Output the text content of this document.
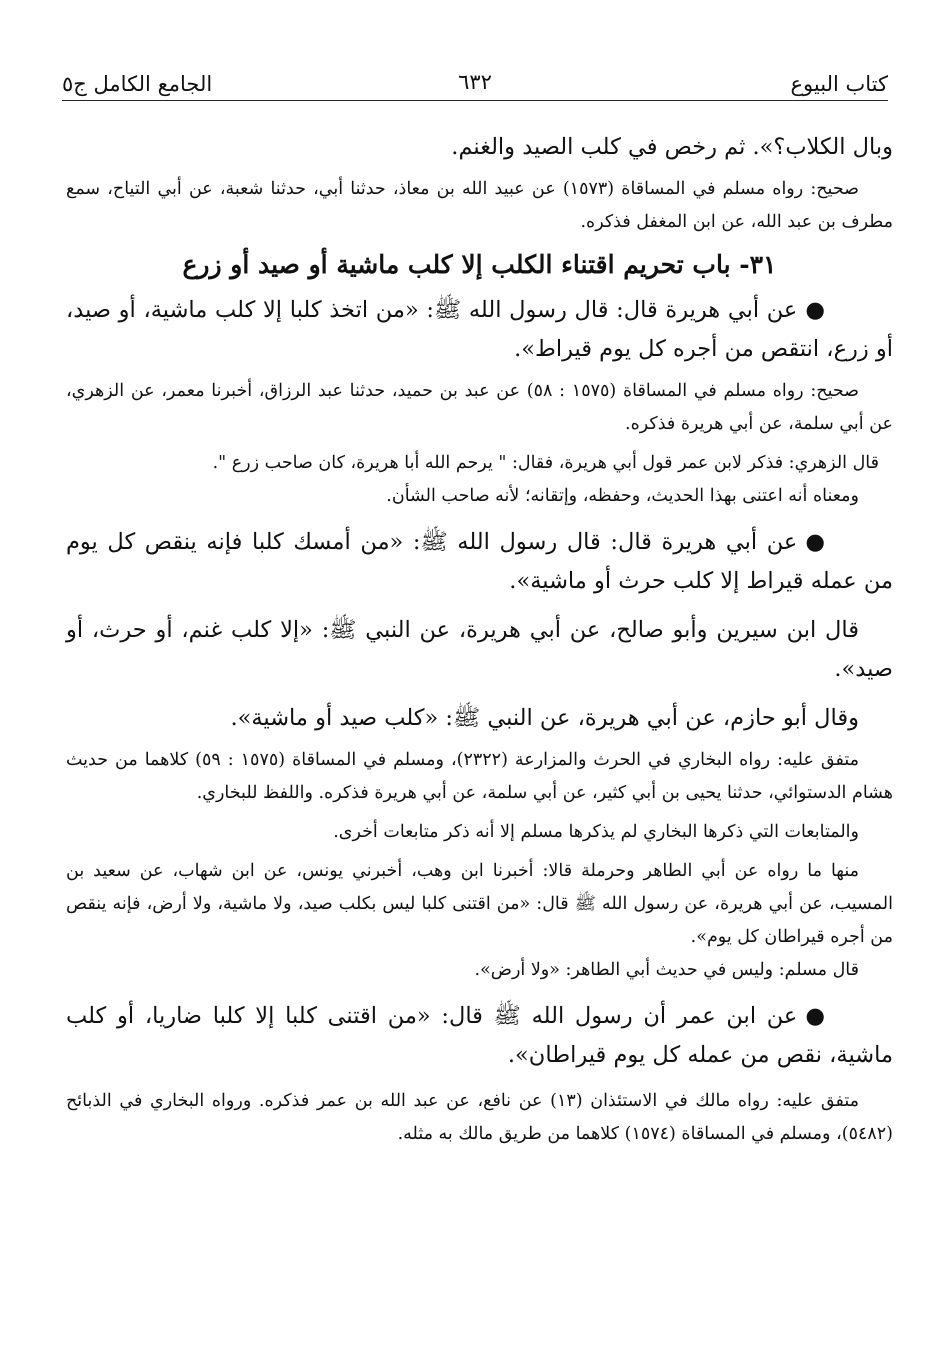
كتاب البيوع
٦٣٢
الجامع الكامل ج٥

وبال الكلاب؟». ثم رخص في كلب الصيد والغنم.

صحيح: رواه مسلم في المساقاة (١٥٧٣) عن عبيد الله بن معاذ، حدثنا أبي، حدثنا شعبة، عن أبي التياح، سمع مطرف بن عبد الله، عن ابن المغفل فذكره.

٣١- باب تحريم اقتناء الكلب إلا كلب ماشية أو صيد أو زرع

●عن أبي هريرة قال: قال رسول الله ﷺ: «من اتخذ كلبا إلا كلب ماشية، أو صيد، أو زرع، انتقص من أجره كل يوم قيراط».

صحيح: رواه مسلم في المساقاة (١٥٧٥ : ٥٨) عن عبد بن حميد، حدثنا عبد الرزاق، أخبرنا معمر، عن الزهري، عن أبي سلمة، عن أبي هريرة فذكره.

قال الزهري: فذكر لابن عمر قول أبي هريرة، فقال: " يرحم الله أبا هريرة، كان صاحب زرع ".

ومعناه أنه اعتنى بهذا الحديث، وحفظه، وإتقانه؛ لأنه صاحب الشأن.

●عن أبي هريرة قال: قال رسول الله ﷺ: «من أمسك كلبا فإنه ينقص كل يوم من عمله قيراط إلا كلب حرث أو ماشية».

قال ابن سيرين وأبو صالح، عن أبي هريرة، عن النبي ﷺ: «إلا كلب غنم، أو حرث، أو صيد».

وقال أبو حازم، عن أبي هريرة، عن النبي ﷺ: «كلب صيد أو ماشية».

متفق عليه: رواه البخاري في الحرث والمزارعة (٢٣٢٢)، ومسلم في المساقاة (١٥٧٥ : ٥٩) كلاهما من حديث هشام الدستوائي، حدثنا يحيى بن أبي كثير، عن أبي سلمة، عن أبي هريرة فذكره. واللفظ للبخاري.

والمتابعات التي ذكرها البخاري لم يذكرها مسلم إلا أنه ذكر متابعات أخرى.

منها ما رواه عن أبي الطاهر وحرملة قالا: أخبرنا ابن وهب، أخبرني يونس، عن ابن شهاب، عن سعيد بن المسيب، عن أبي هريرة، عن رسول الله ﷺ قال: «من اقتنى كلبا ليس بكلب صيد، ولا ماشية، ولا أرض، فإنه ينقص من أجره قيراطان كل يوم».

قال مسلم: وليس في حديث أبي الطاهر: «ولا أرض».

●عن ابن عمر أن رسول الله ﷺ قال: «من اقتنى كلبا إلا كلبا ضاريا، أو كلب ماشية، نقص من عمله كل يوم قيراطان».

متفق عليه: رواه مالك في الاستئذان (١٣) عن نافع، عن عبد الله بن عمر فذكره. ورواه البخاري في الذبائح (٥٤٨٢)، ومسلم في المساقاة (١٥٧٤) كلاهما من طريق مالك به مثله.
